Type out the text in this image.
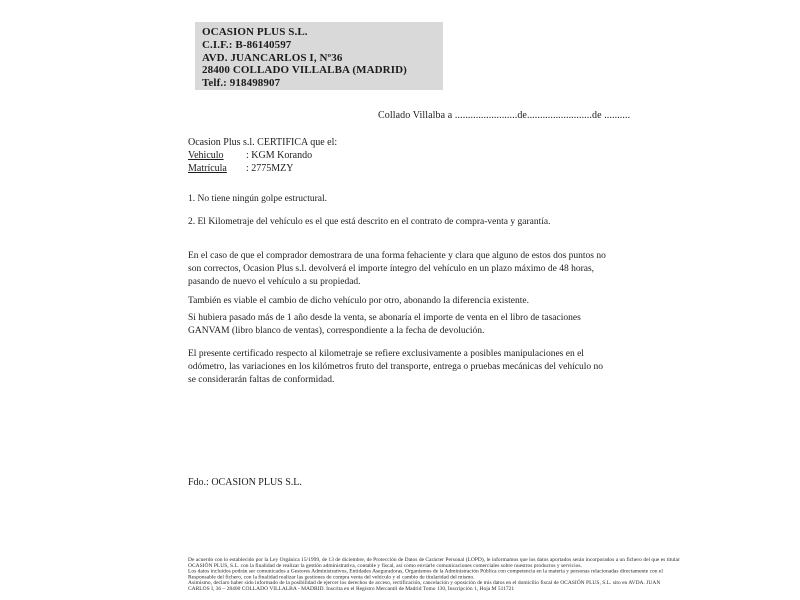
OCASION PLUS S.L.
C.I.F.: B-86140597
AVD. JUANCARLOS I, Nº36
28400 COLLADO VILLALBA (MADRID)
Telf.: 918498907
Collado Villalba a ........................de.........................de ..........
Ocasion Plus s.l. CERTIFICA que el:
Vehiculo : KGM Korando
Matrícula : 2775MZY
1. No tiene ningún golpe estructural.
2. El Kilometraje del vehículo es el que está descrito en el contrato de compra-venta y garantía.
En el caso de que el comprador demostrara de una forma fehaciente y clara que alguno de estos dos puntos no
son correctos, Ocasion Plus s.l. devolverá el importe íntegro del vehículo en un plazo máximo de 48 horas,
pasando de nuevo el vehículo a su propiedad.
También es viable el cambio de dicho vehículo por otro, abonando la diferencia existente.
Si hubiera pasado más de 1 año desde la venta, se abonaría el importe de venta en el libro de tasaciones
GANVAM (libro blanco de ventas), correspondiente a la fecha de devolución.
El presente certificado respecto al kilometraje se refiere exclusivamente a posibles manipulaciones en el
odómetro, las variaciones en los kilómetros fruto del transporte, entrega o pruebas mecánicas del vehículo no
se considerarán faltas de conformidad.
Fdo.: OCASION PLUS S.L.
De acuerdo con lo establecido por la Ley Orgánica 15/1999, de 13 de diciembre, de Protección de Datos de Carácter Personal (LOPD), le informamos que los datos aportados serán incorporados a un fichero del que es titular
OCASIÓN PLUS, S.L. con la finalidad de realizar la gestión administrativa, contable y fiscal, así como enviarle comunicaciones comerciales sobre nuestros productos y servicios.
Los datos incluidos podrán ser comunicados a Gestores Administrativos, Entidades Aseguradoras, Organismos de la Administración Pública con competencia en la materia y personas relacionadas directamente con el
Responsable del fichero, con la finalidad realizar las gestiones de compra venta del vehículo y el cambio de titularidad del mismo.
Asimismo, declaro haber sido informado de la posibilidad de ejercer los derechos de acceso, rectificación, cancelación y oposición de mis datos en el domicilio fiscal de OCASIÓN PLUS, S.L. sito en AVDA. JUAN
CARLOS I, 36 – 28400 COLLADO VILLALBA - MADRID. Inscrita en el Registro Mercantil de Madrid Tomo 130, Inscripción 1, Hoja M 511721
